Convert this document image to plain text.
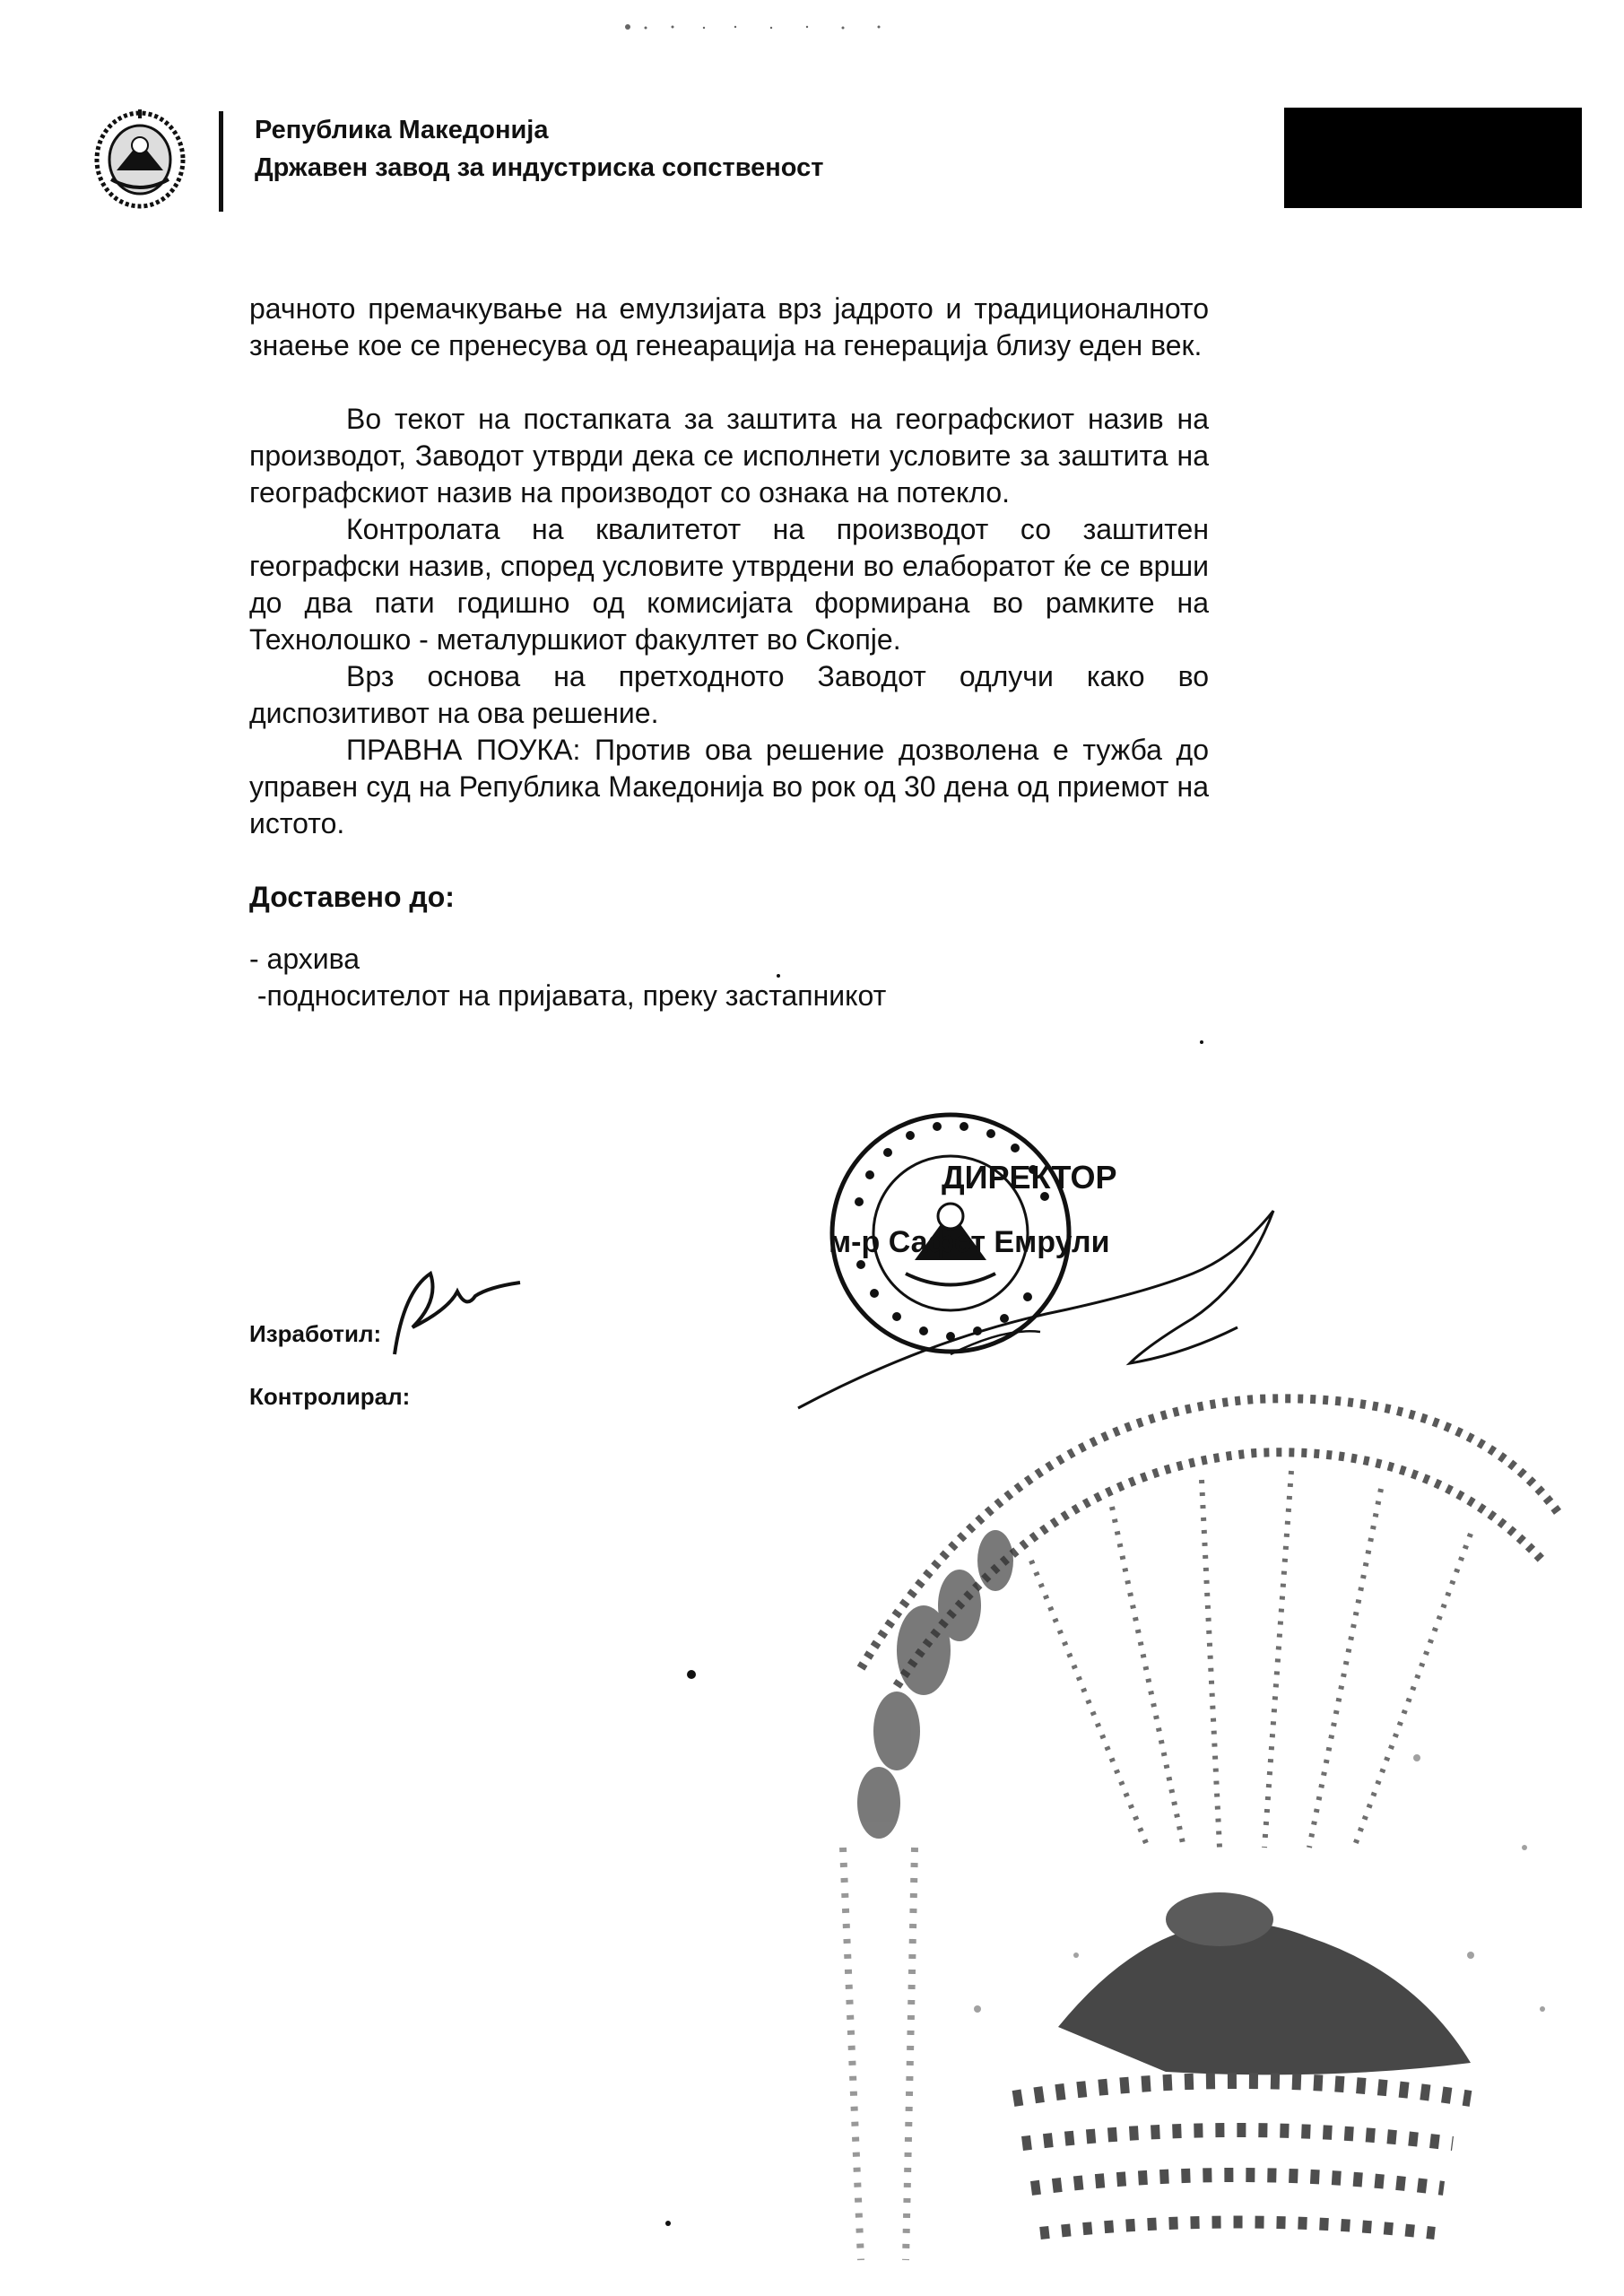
Република Македонија
Државен завод за индустриска сопственост

рачното премачкување на емулзијата врз јадрото и традиционалното знаење кое се пренесува од генеарација на генерација близу еден век.

Во текот на постапката за заштита на географскиот назив на производот, Заводот утврди дека се исполнети условите за заштита на географскиот назив на производот со ознака на потекло.

Контролата на квалитетот на производот со заштитен географски назив, според условите утврдени во елаборатот ќе се врши до два пати годишно од комисијата формирана во рамките на Технолошко - металуршкиот факултет во Скопје.

Врз основа на претходното Заводот одлучи како во диспозитивот на ова решение.

ПРАВНА ПОУКА: Против ова решение дозволена е тужба до управен суд на Република Македонија во рок од 30 дена од приемот на истото.

Доставено до:

- архива

-подносителот на пријавата, преку застапникот

ДИРЕКТОР
м-р Сафет Емрули
Изработил:
Контролирал:
